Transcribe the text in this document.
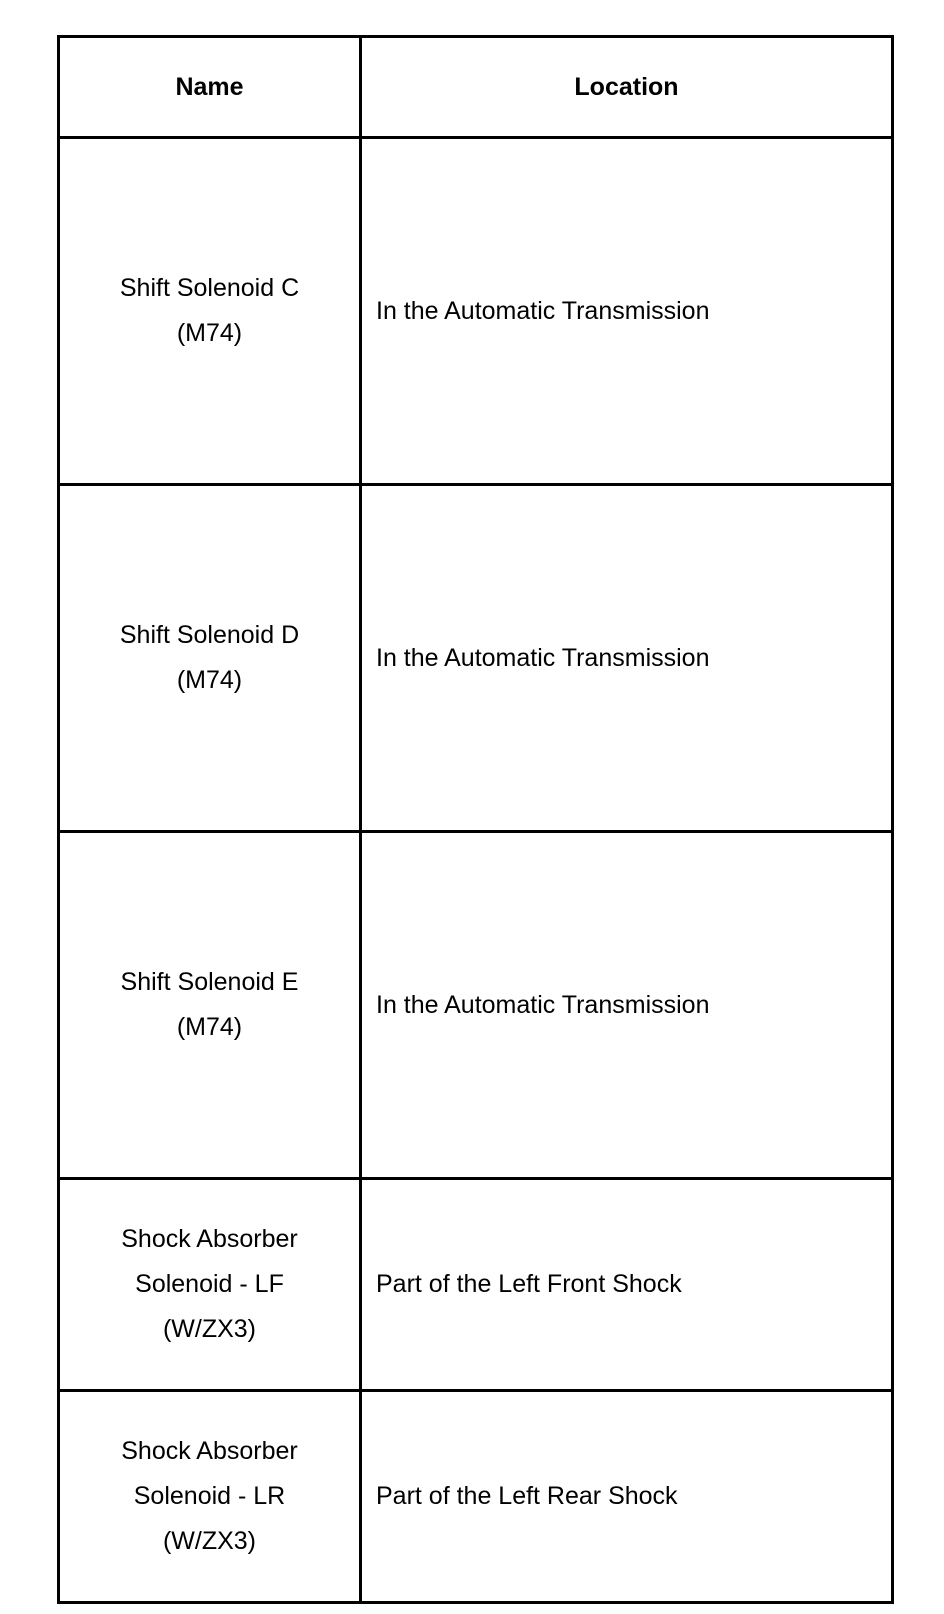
Name	Location

Shift Solenoid C
(M74)	In the Automatic Transmission

Shift Solenoid D
(M74)	In the Automatic Transmission

Shift Solenoid E
(M74)	In the Automatic Transmission

Shock Absorber
Solenoid - LF
(W/ZX3)	Part of the Left Front Shock

Shock Absorber
Solenoid - LR
(W/ZX3)	Part of the Left Rear Shock
